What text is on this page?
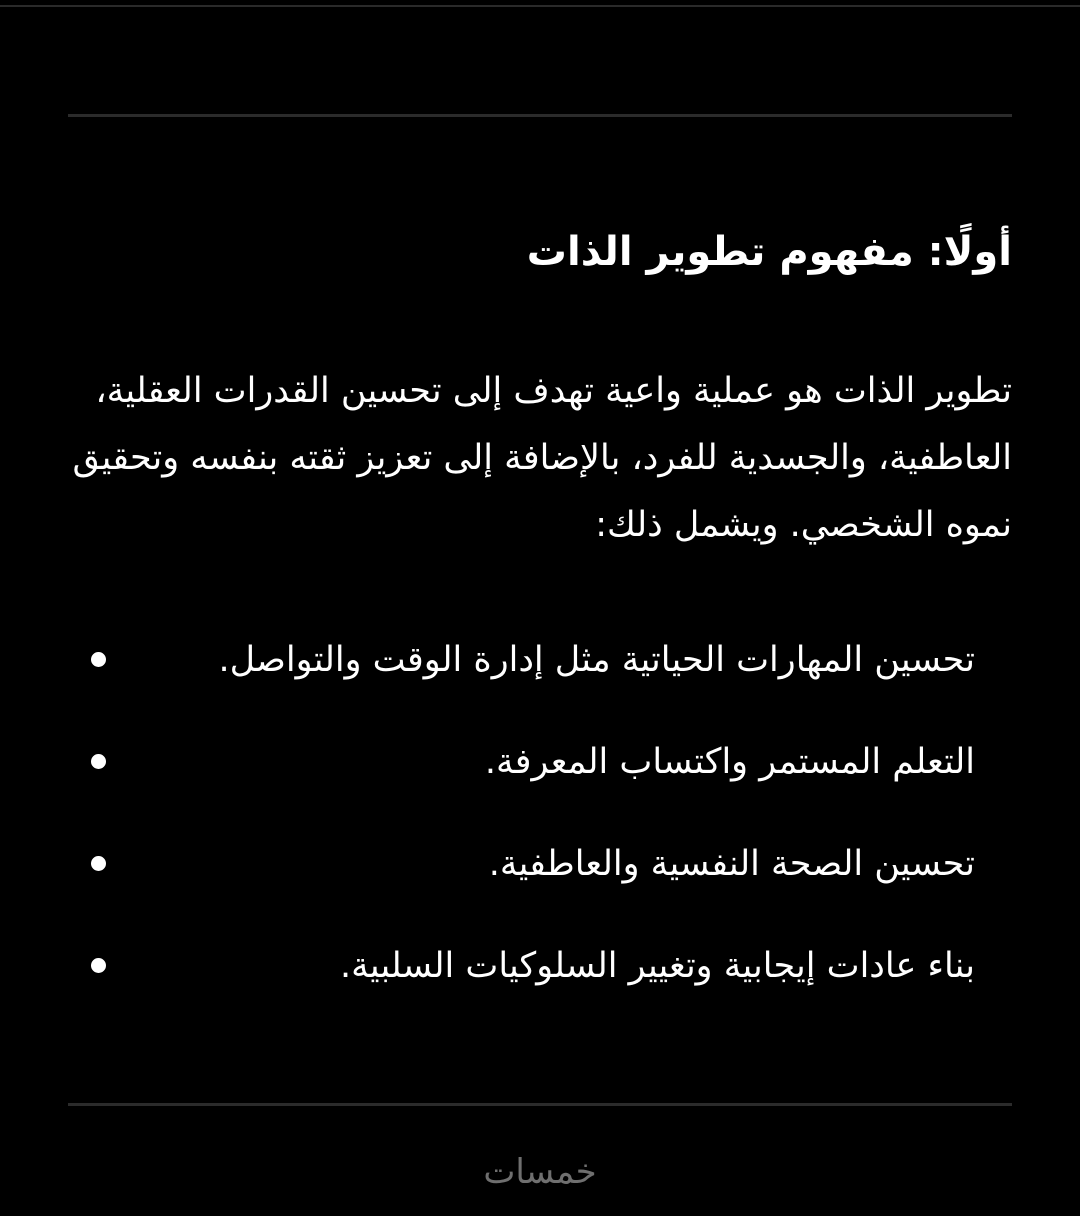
أولًا: مفهوم تطوير الذات

تطوير الذات هو عملية واعية تهدف إلى تحسين القدرات العقلية، العاطفية، والجسدية للفرد، بالإضافة إلى تعزيز ثقته بنفسه وتحقيق نموه الشخصي. ويشمل ذلك:

تحسين المهارات الحياتية مثل إدارة الوقت والتواصل.
التعلم المستمر واكتساب المعرفة.
تحسين الصحة النفسية والعاطفية.
بناء عادات إيجابية وتغيير السلوكيات السلبية.
خمسات
